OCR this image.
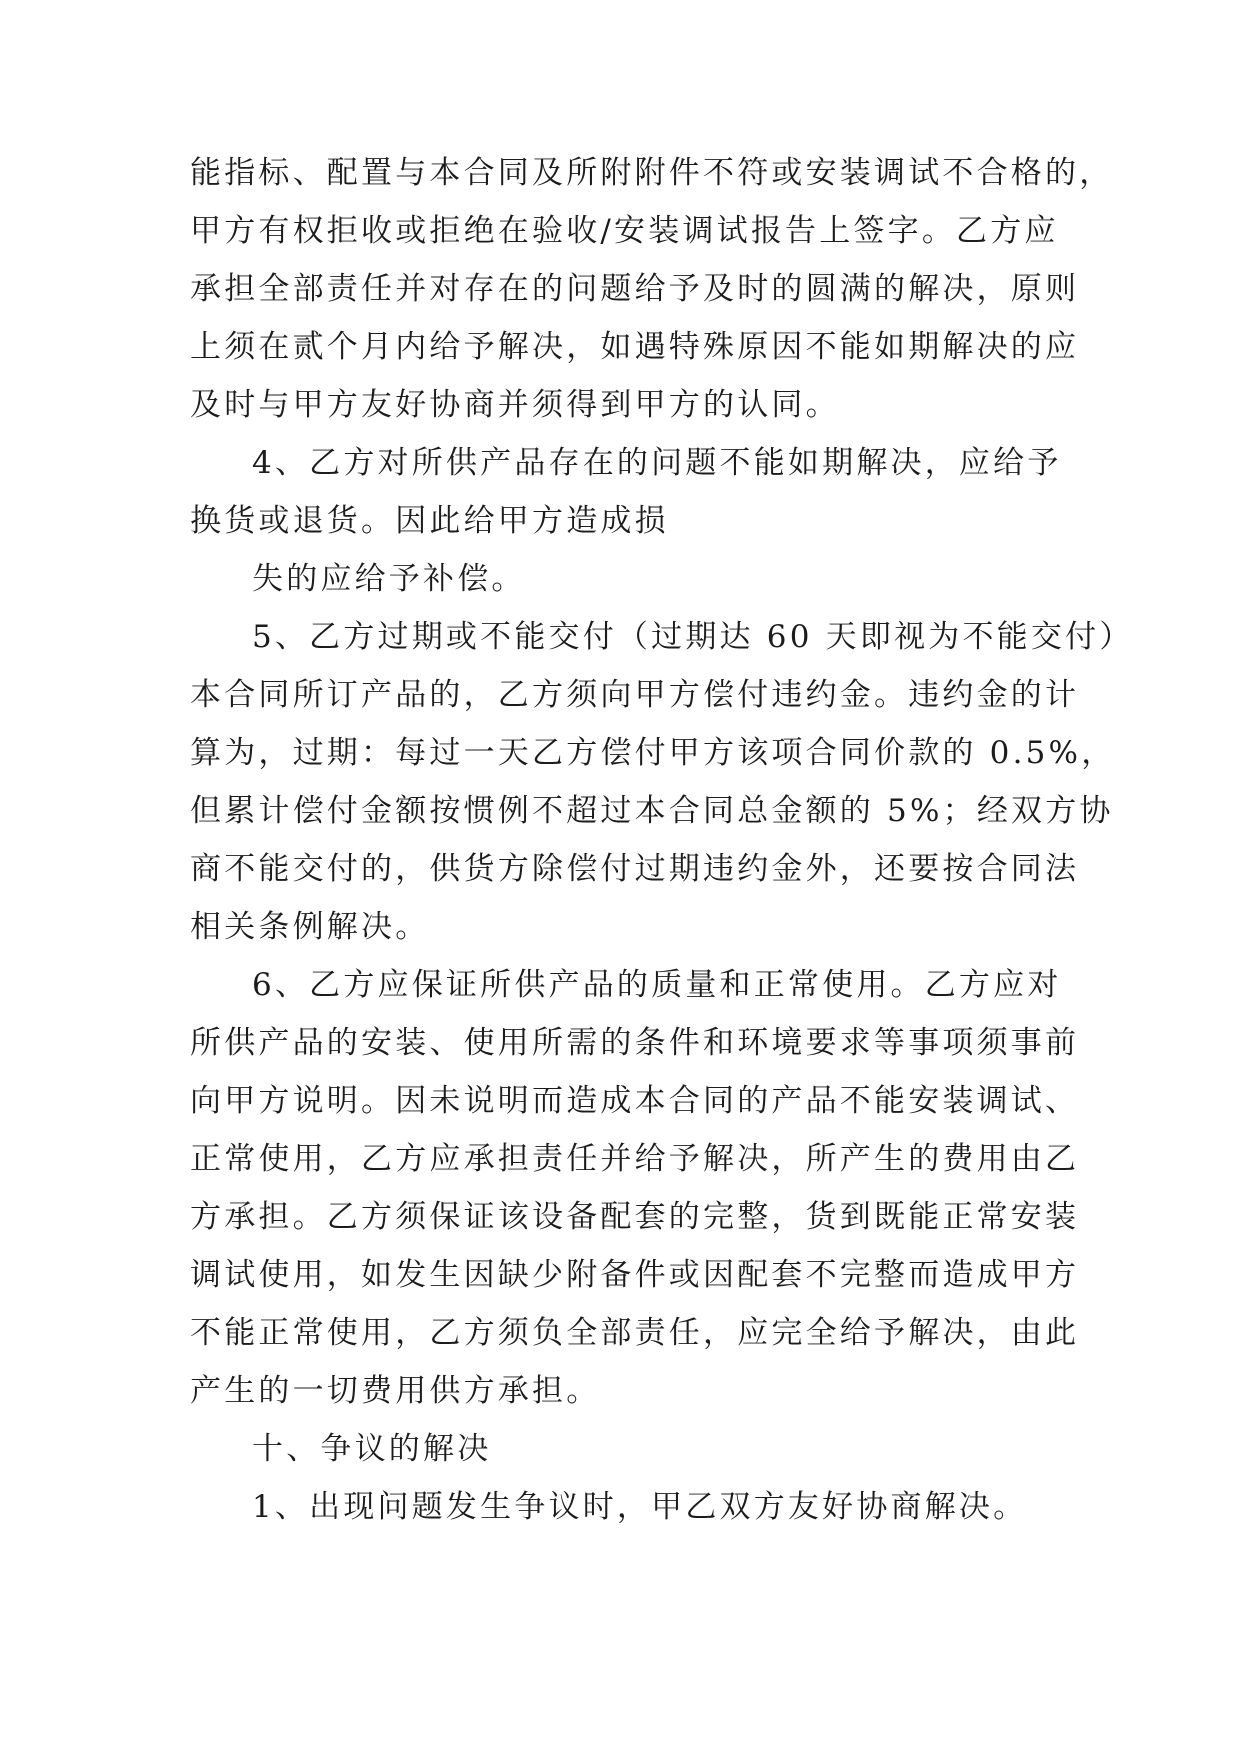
能指标、配置与本合同及所附附件不符或安装调试不合格的，

甲方有权拒收或拒绝在验收/安装调试报告上签字。乙方应

承担全部责任并对存在的问题给予及时的圆满的解决，原则

上须在贰个月内给予解决，如遇特殊原因不能如期解决的应

及时与甲方友好协商并须得到甲方的认同。

4、乙方对所供产品存在的问题不能如期解决，应给予

换货或退货。因此给甲方造成损

失的应给予补偿。

5、乙方过期或不能交付（过期达 60 天即视为不能交付）

本合同所订产品的，乙方须向甲方偿付违约金。违约金的计

算为，过期：每过一天乙方偿付甲方该项合同价款的 0.5%，

但累计偿付金额按惯例不超过本合同总金额的 5%；经双方协

商不能交付的，供货方除偿付过期违约金外，还要按合同法

相关条例解决。

6、乙方应保证所供产品的质量和正常使用。乙方应对

所供产品的安装、使用所需的条件和环境要求等事项须事前

向甲方说明。因未说明而造成本合同的产品不能安装调试、

正常使用，乙方应承担责任并给予解决，所产生的费用由乙

方承担。乙方须保证该设备配套的完整，货到既能正常安装

调试使用，如发生因缺少附备件或因配套不完整而造成甲方

不能正常使用，乙方须负全部责任，应完全给予解决，由此

产生的一切费用供方承担。

十、争议的解决

1、出现问题发生争议时，甲乙双方友好协商解决。
